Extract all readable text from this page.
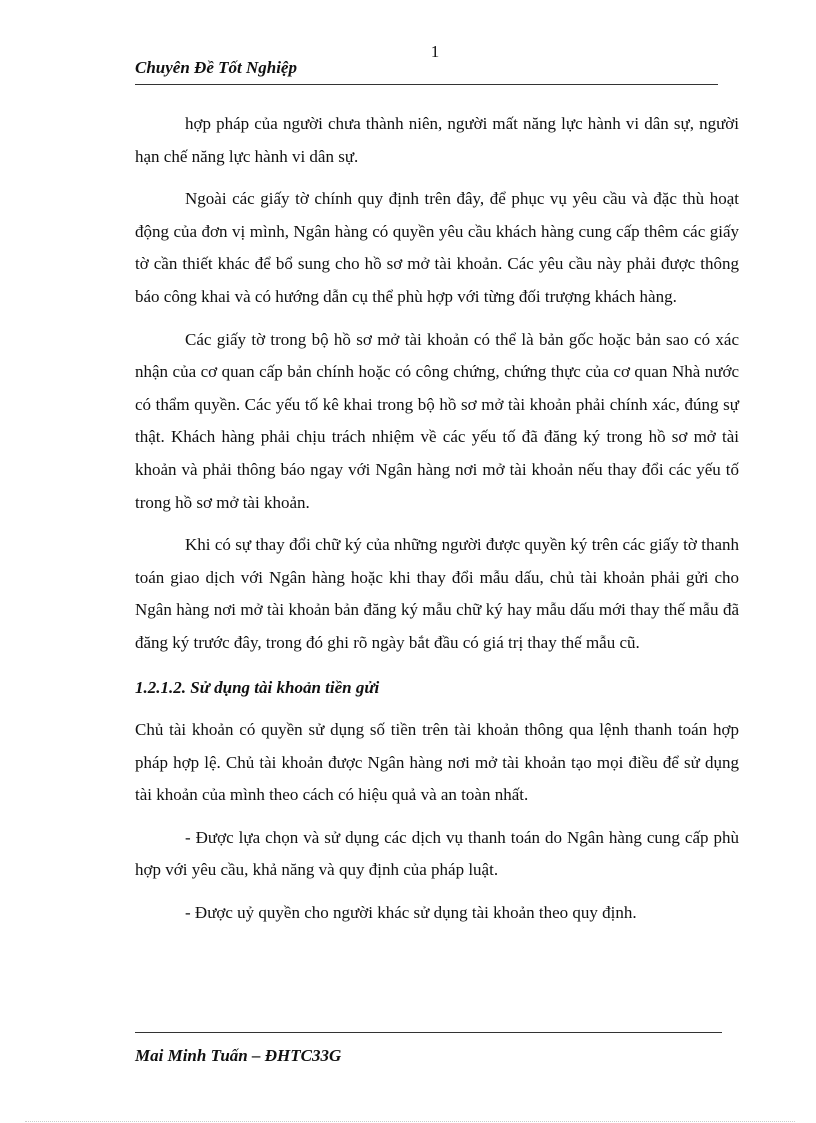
1
Chuyên Đề Tốt Nghiệp

hợp pháp của người chưa thành niên, người mất năng lực hành vi dân sự, người hạn chế năng lực hành vi dân sự.

Ngoài các giấy tờ chính quy định trên đây, để phục vụ yêu cầu và đặc thù hoạt động của đơn vị mình, Ngân hàng có quyền yêu cầu khách hàng cung cấp thêm các giấy tờ cần thiết khác để bổ sung cho hồ sơ mở tài khoản. Các yêu cầu này phải được thông báo công khai và có hướng dẫn cụ thể phù hợp với từng đối trượng khách hàng.

Các giấy tờ trong bộ hồ sơ mở tài khoản có thể là bản gốc hoặc bản sao có xác nhận của cơ quan cấp bản chính hoặc có công chứng, chứng thực của cơ quan Nhà nước có thẩm quyền. Các yếu tố kê khai trong bộ hồ sơ mở tài khoản phải chính xác, đúng sự thật. Khách hàng phải chịu trách nhiệm về các yếu tố đã đăng ký trong hồ sơ mở tài khoản và phải thông báo ngay với Ngân hàng nơi mở tài khoản nếu thay đổi các yếu tố trong hồ sơ mở tài khoản.

Khi có sự thay đổi chữ ký của những người được quyền ký trên các giấy tờ thanh toán giao dịch với Ngân hàng hoặc khi thay đổi mẫu dấu, chủ tài khoản phải gửi cho Ngân hàng nơi mở tài khoản bản đăng ký mẫu chữ ký hay mẫu dấu mới thay thế mẫu đã đăng ký trước đây, trong đó ghi rõ ngày bắt đầu có giá trị thay thế mẫu cũ.

1.2.1.2. Sử dụng tài khoản tiền gửi

Chủ tài khoản có quyền sử dụng số tiền trên tài khoản thông qua lệnh thanh toán hợp pháp hợp lệ. Chủ tài khoản được Ngân hàng nơi mở tài khoản tạo mọi điều để sử dụng tài khoản của mình theo cách có hiệu quả và an toàn nhất.

- Được lựa chọn và sử dụng các dịch vụ thanh toán do Ngân hàng cung cấp phù hợp với yêu cầu, khả năng và quy định của pháp luật.

- Được uỷ quyền cho người khác sử dụng tài khoản theo quy định.

Mai Minh Tuấn – ĐHTC33G
